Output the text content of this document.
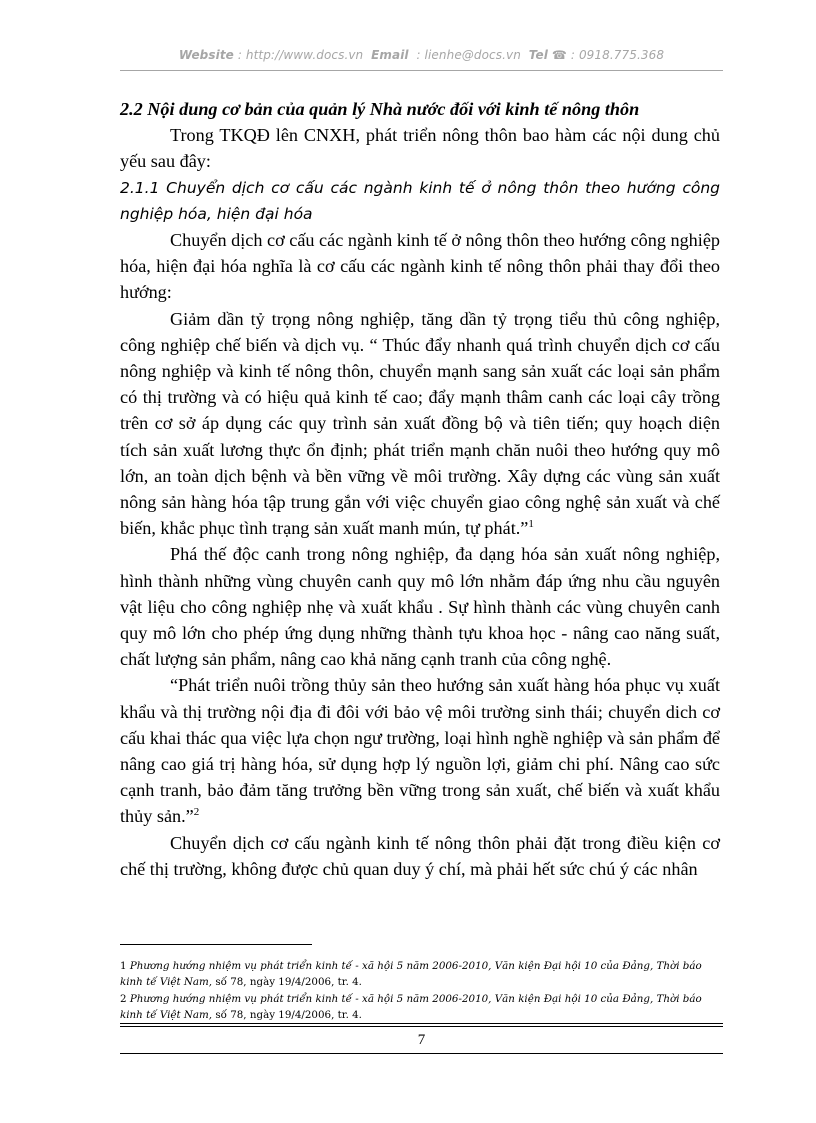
Website : http://www.docs.vn Email : lienhe@docs.vn Tel ☎ : 0918.775.368

2.2 Nội dung cơ bản của quản lý Nhà nước đối với kinh tế nông thôn

Trong TKQĐ lên CNXH, phát triển nông thôn bao hàm các nội dung chủ yếu sau đây:

2.1.1 Chuyển dịch cơ cấu các ngành kinh tế ở nông thôn theo hướng công nghiệp hóa, hiện đại hóa

Chuyển dịch cơ cấu các ngành kinh tế ở nông thôn theo hướng công nghiệp hóa, hiện đại hóa nghĩa là cơ cấu các ngành kinh tế nông thôn phải thay đổi theo hướng:

Giảm dần tỷ trọng nông nghiệp, tăng dần tỷ trọng tiểu thủ công nghiệp, công nghiệp chế biến và dịch vụ. “ Thúc đẩy nhanh quá trình chuyển dịch cơ cấu nông nghiệp và kinh tế nông thôn, chuyển mạnh sang sản xuất các loại sản phẩm có thị trường và có hiệu quả kinh tế cao; đẩy mạnh thâm canh các loại cây trồng trên cơ sở áp dụng các quy trình sản xuất đồng bộ và tiên tiến; quy hoạch diện tích sản xuất lương thực ổn định; phát triển mạnh chăn nuôi theo hướng quy mô lớn, an toàn dịch bệnh và bền vững về môi trường. Xây dựng các vùng sản xuất nông sản hàng hóa tập trung gắn với việc chuyển giao công nghệ sản xuất và chế biến, khắc phục tình trạng sản xuất manh mún, tự phát.”$^1$

Phá thế độc canh trong nông nghiệp, đa dạng hóa sản xuất nông nghiệp, hình thành những vùng chuyên canh quy mô lớn nhằm đáp ứng nhu cầu nguyên vật liệu cho công nghiệp nhẹ và xuất khẩu . Sự hình thành các vùng chuyên canh quy mô lớn cho phép ứng dụng những thành tựu khoa học - nâng cao năng suất, chất lượng sản phẩm, nâng cao khả năng cạnh tranh của công nghệ.

“Phát triển nuôi trồng thủy sản theo hướng sản xuất hàng hóa phục vụ xuất khẩu và thị trường nội địa đi đôi với bảo vệ môi trường sinh thái; chuyển dich cơ cấu khai thác qua việc lựa chọn ngư trường, loại hình nghề nghiệp và sản phẩm để nâng cao giá trị hàng hóa, sử dụng hợp lý nguồn lợi, giảm chi phí. Nâng cao sức cạnh tranh, bảo đảm tăng trưởng bền vững trong sản xuất, chế biến và xuất khẩu thủy sản.”$^2$

Chuyển dịch cơ cấu ngành kinh tế nông thôn phải đặt trong điều kiện cơ chế thị trường, không được chủ quan duy ý chí, mà phải hết sức chú ý các nhân

1 Phương hướng nhiệm vụ phát triển kinh tế - xã hội 5 năm 2006-2010, Văn kiện Đại hội 10 của Đảng, Thời báo kinh tế Việt Nam, số 78, ngày 19/4/2006, tr. 4.

2 Phương hướng nhiệm vụ phát triển kinh tế - xã hội 5 năm 2006-2010, Văn kiện Đại hội 10 của Đảng, Thời báo kinh tế Việt Nam, số 78, ngày 19/4/2006, tr. 4.

7
